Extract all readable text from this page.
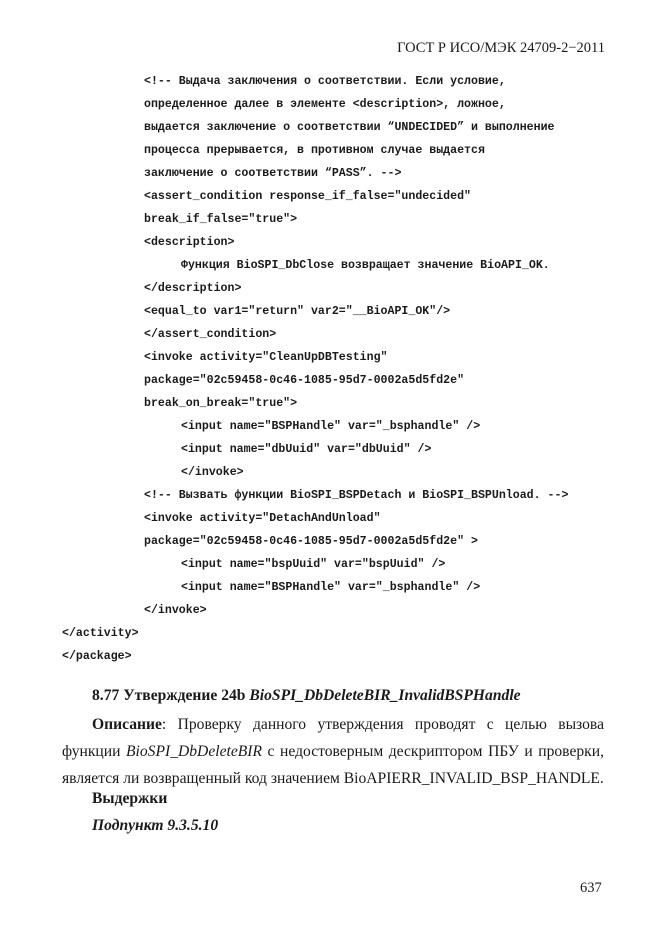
ГОСТ Р ИСО/МЭК 24709-2−2011
<!-- Выдача заключения о соответствии. Если условие,
определенное далее в элементе <description>, ложное,
выдается заключение о соответствии “UNDECIDED” и выполнение
процесса прерывается, в противном случае выдается
заключение о соответствии “PASS”. -->
<assert_condition response_if_false="undecided"
break_if_false="true">
<description>
Функция BioSPI_DbClose возвращает значение BioAPI_OK.
</description>
<equal_to var1="return" var2="__BioAPI_OK"/>
</assert_condition>
<invoke activity="CleanUpDBTesting"
package="02c59458-0c46-1085-95d7-0002a5d5fd2e"
break_on_break="true">
<input name="BSPHandle" var="_bsphandle" />
<input name="dbUuid" var="dbUuid" />
</invoke>
<!-- Вызвать функции BioSPI_BSPDetach и BioSPI_BSPUnload. -->
<invoke activity="DetachAndUnload"
package="02c59458-0c46-1085-95d7-0002a5d5fd2e" >
<input name="bspUuid" var="bspUuid" />
<input name="BSPHandle" var="_bsphandle" />
</invoke>
</activity>
</package>
8.77 Утверждение 24b BioSPI_DbDeleteBIR_InvalidBSPHandle
Описание: Проверку данного утверждения проводят с целью вызова функции BioSPI_DbDeleteBIR с недостоверным дескриптором ПБУ и проверки, является ли возвращенный код значением BioAPIERR_INVALID_BSP_HANDLE.
Выдержки
Подпункт 9.3.5.10
637
